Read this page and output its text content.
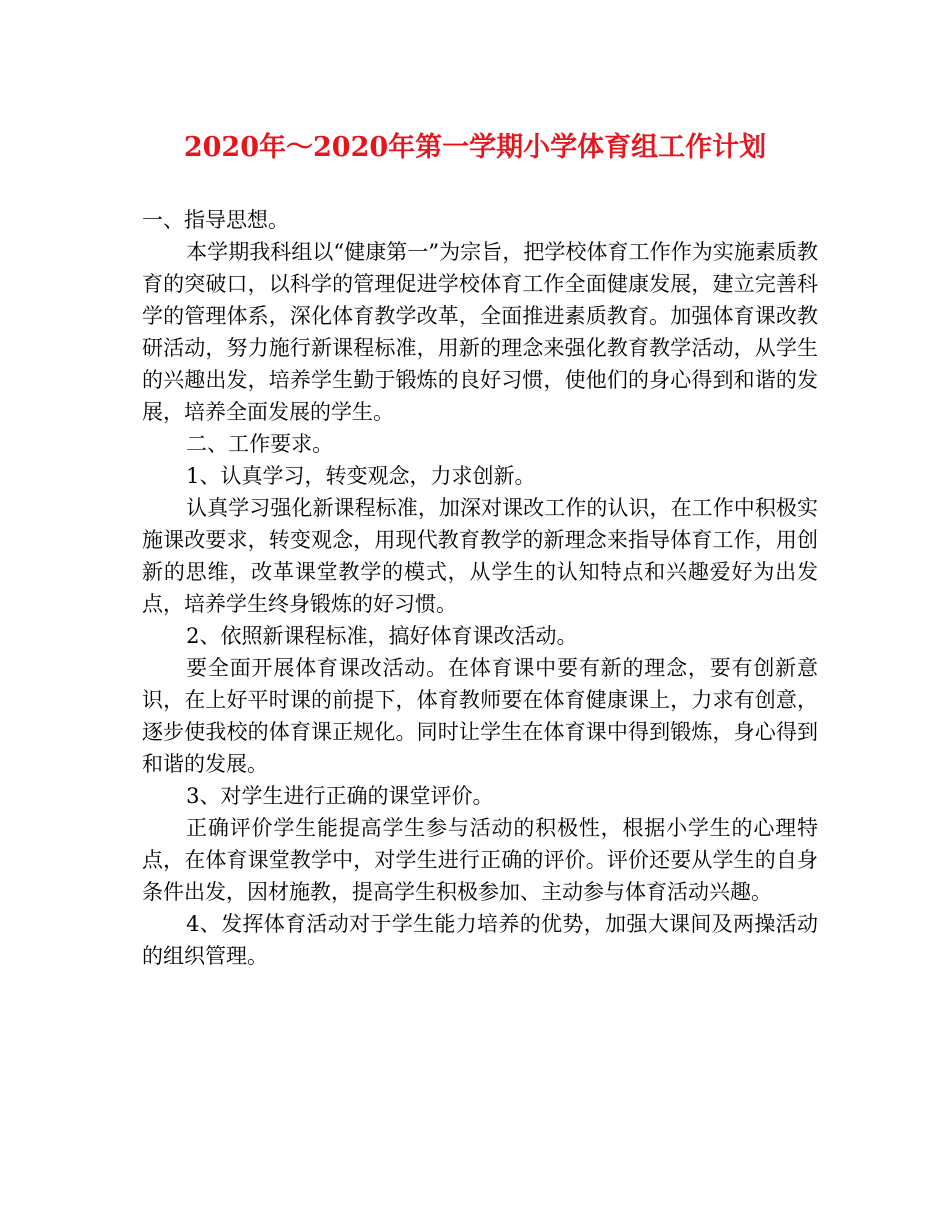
2020年～2020年第一学期小学体育组工作计划

一、指导思想。

本学期我科组以“健康第一”为宗旨，把学校体育工作作为实施素质教育的突破口，以科学的管理促进学校体育工作全面健康发展，建立完善科学的管理体系，深化体育教学改革，全面推进素质教育。加强体育课改教研活动，努力施行新课程标准，用新的理念来强化教育教学活动，从学生的兴趣出发，培养学生勤于锻炼的良好习惯，使他们的身心得到和谐的发展，培养全面发展的学生。

二、工作要求。

1、认真学习，转变观念，力求创新。

认真学习强化新课程标准，加深对课改工作的认识，在工作中积极实施课改要求，转变观念，用现代教育教学的新理念来指导体育工作，用创新的思维，改革课堂教学的模式，从学生的认知特点和兴趣爱好为出发点，培养学生终身锻炼的好习惯。

2、依照新课程标准，搞好体育课改活动。

要全面开展体育课改活动。在体育课中要有新的理念，要有创新意识，在上好平时课的前提下，体育教师要在体育健康课上，力求有创意，逐步使我校的体育课正规化。同时让学生在体育课中得到锻炼，身心得到和谐的发展。

3、对学生进行正确的课堂评价。

正确评价学生能提高学生参与活动的积极性，根据小学生的心理特点，在体育课堂教学中，对学生进行正确的评价。评价还要从学生的自身条件出发，因材施教，提高学生积极参加、主动参与体育活动兴趣。

4、发挥体育活动对于学生能力培养的优势，加强大课间及两操活动的组织管理。
